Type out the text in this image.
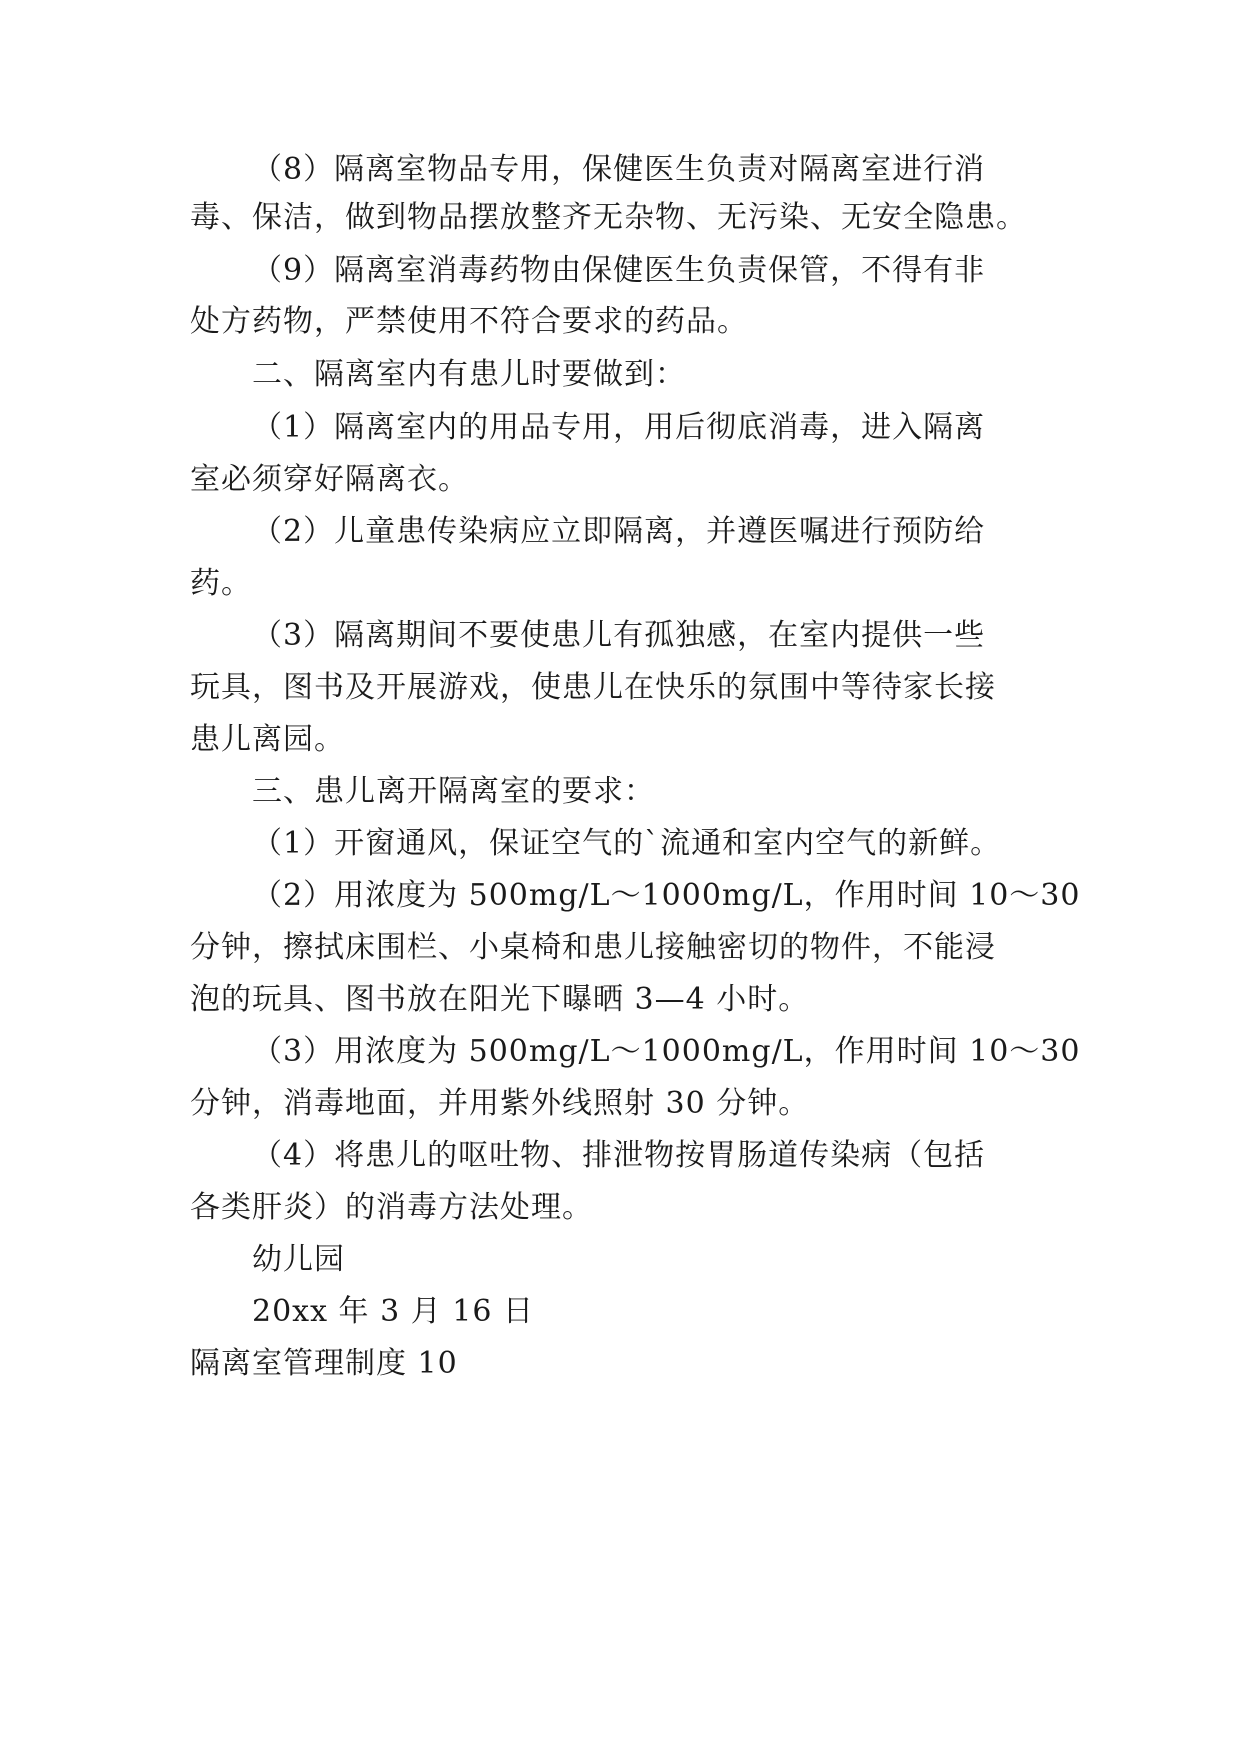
（8）隔离室物品专用，保健医生负责对隔离室进行消
毒、保洁，做到物品摆放整齐无杂物、无污染、无安全隐患。
（9）隔离室消毒药物由保健医生负责保管，不得有非
处方药物，严禁使用不符合要求的药品。
二、隔离室内有患儿时要做到：
（1）隔离室内的用品专用，用后彻底消毒，进入隔离
室必须穿好隔离衣。
（2）儿童患传染病应立即隔离，并遵医嘱进行预防给
药。
（3）隔离期间不要使患儿有孤独感，在室内提供一些
玩具，图书及开展游戏，使患儿在快乐的氛围中等待家长接
患儿离园。
三、患儿离开隔离室的要求：
（1）开窗通风，保证空气的`流通和室内空气的新鲜。
（2）用浓度为 500mg/L～1000mg/L，作用时间 10～30
分钟，擦拭床围栏、小桌椅和患儿接触密切的物件，不能浸
泡的玩具、图书放在阳光下曝晒 3—4 小时。
（3）用浓度为 500mg/L～1000mg/L，作用时间 10～30
分钟，消毒地面，并用紫外线照射 30 分钟。
（4）将患儿的呕吐物、排泄物按胃肠道传染病（包括
各类肝炎）的消毒方法处理。
幼儿园
20xx 年 3 月 16 日
隔离室管理制度 10
